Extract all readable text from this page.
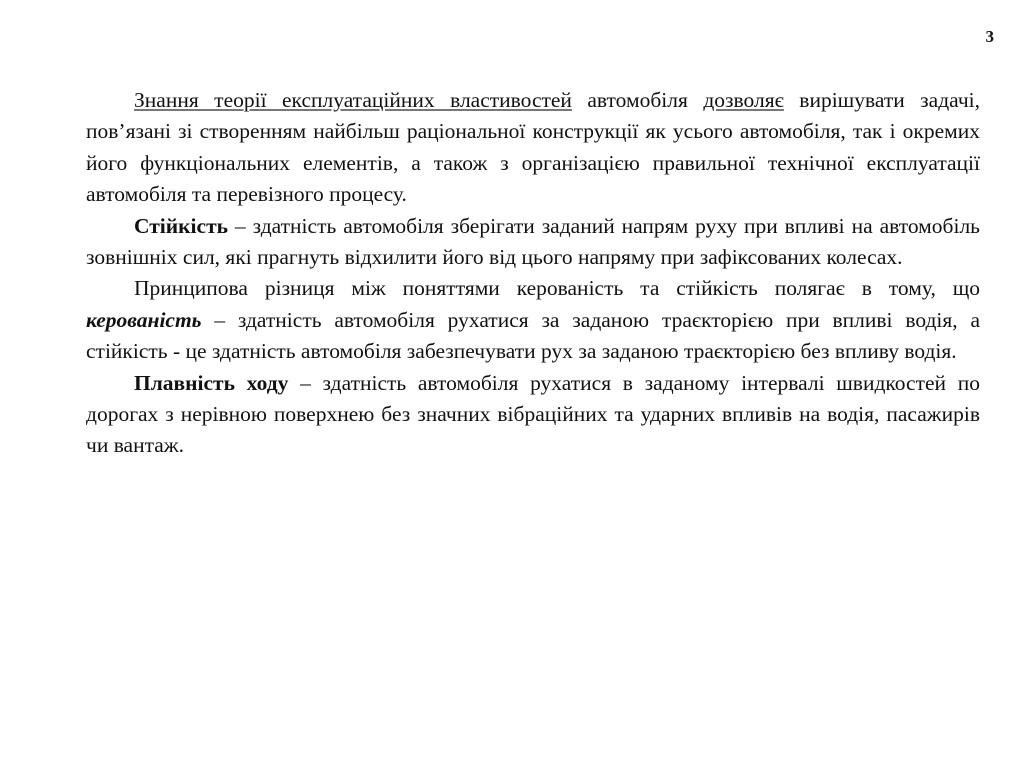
3

Знання теорії експлуатаційних властивостей автомобіля дозволяє вирішувати задачі, пов’язані зі створенням найбільш раціональної конструкції як усього автомобіля, так і окремих його функціональних елементів, а також з організацією правильної технічної експлуатації автомобіля та перевізного процесу.

Стійкість – здатність автомобіля зберігати заданий напрям руху при впливі на автомобіль зовнішніх сил, які прагнуть відхилити його від цього напряму при зафіксованих колесах.

Принципова різниця між поняттями керованість та стійкість полягає в тому, що керованість – здатність автомобіля рухатися за заданою траєкторією при впливі водія, а стійкість - це здатність автомобіля забезпечувати рух за заданою траєкторією без впливу водія.

Плавність ходу – здатність автомобіля рухатися в заданому інтервалі швидкостей по дорогах з нерівною поверхнею без значних вібраційних та ударних впливів на водія, пасажирів чи вантаж.
